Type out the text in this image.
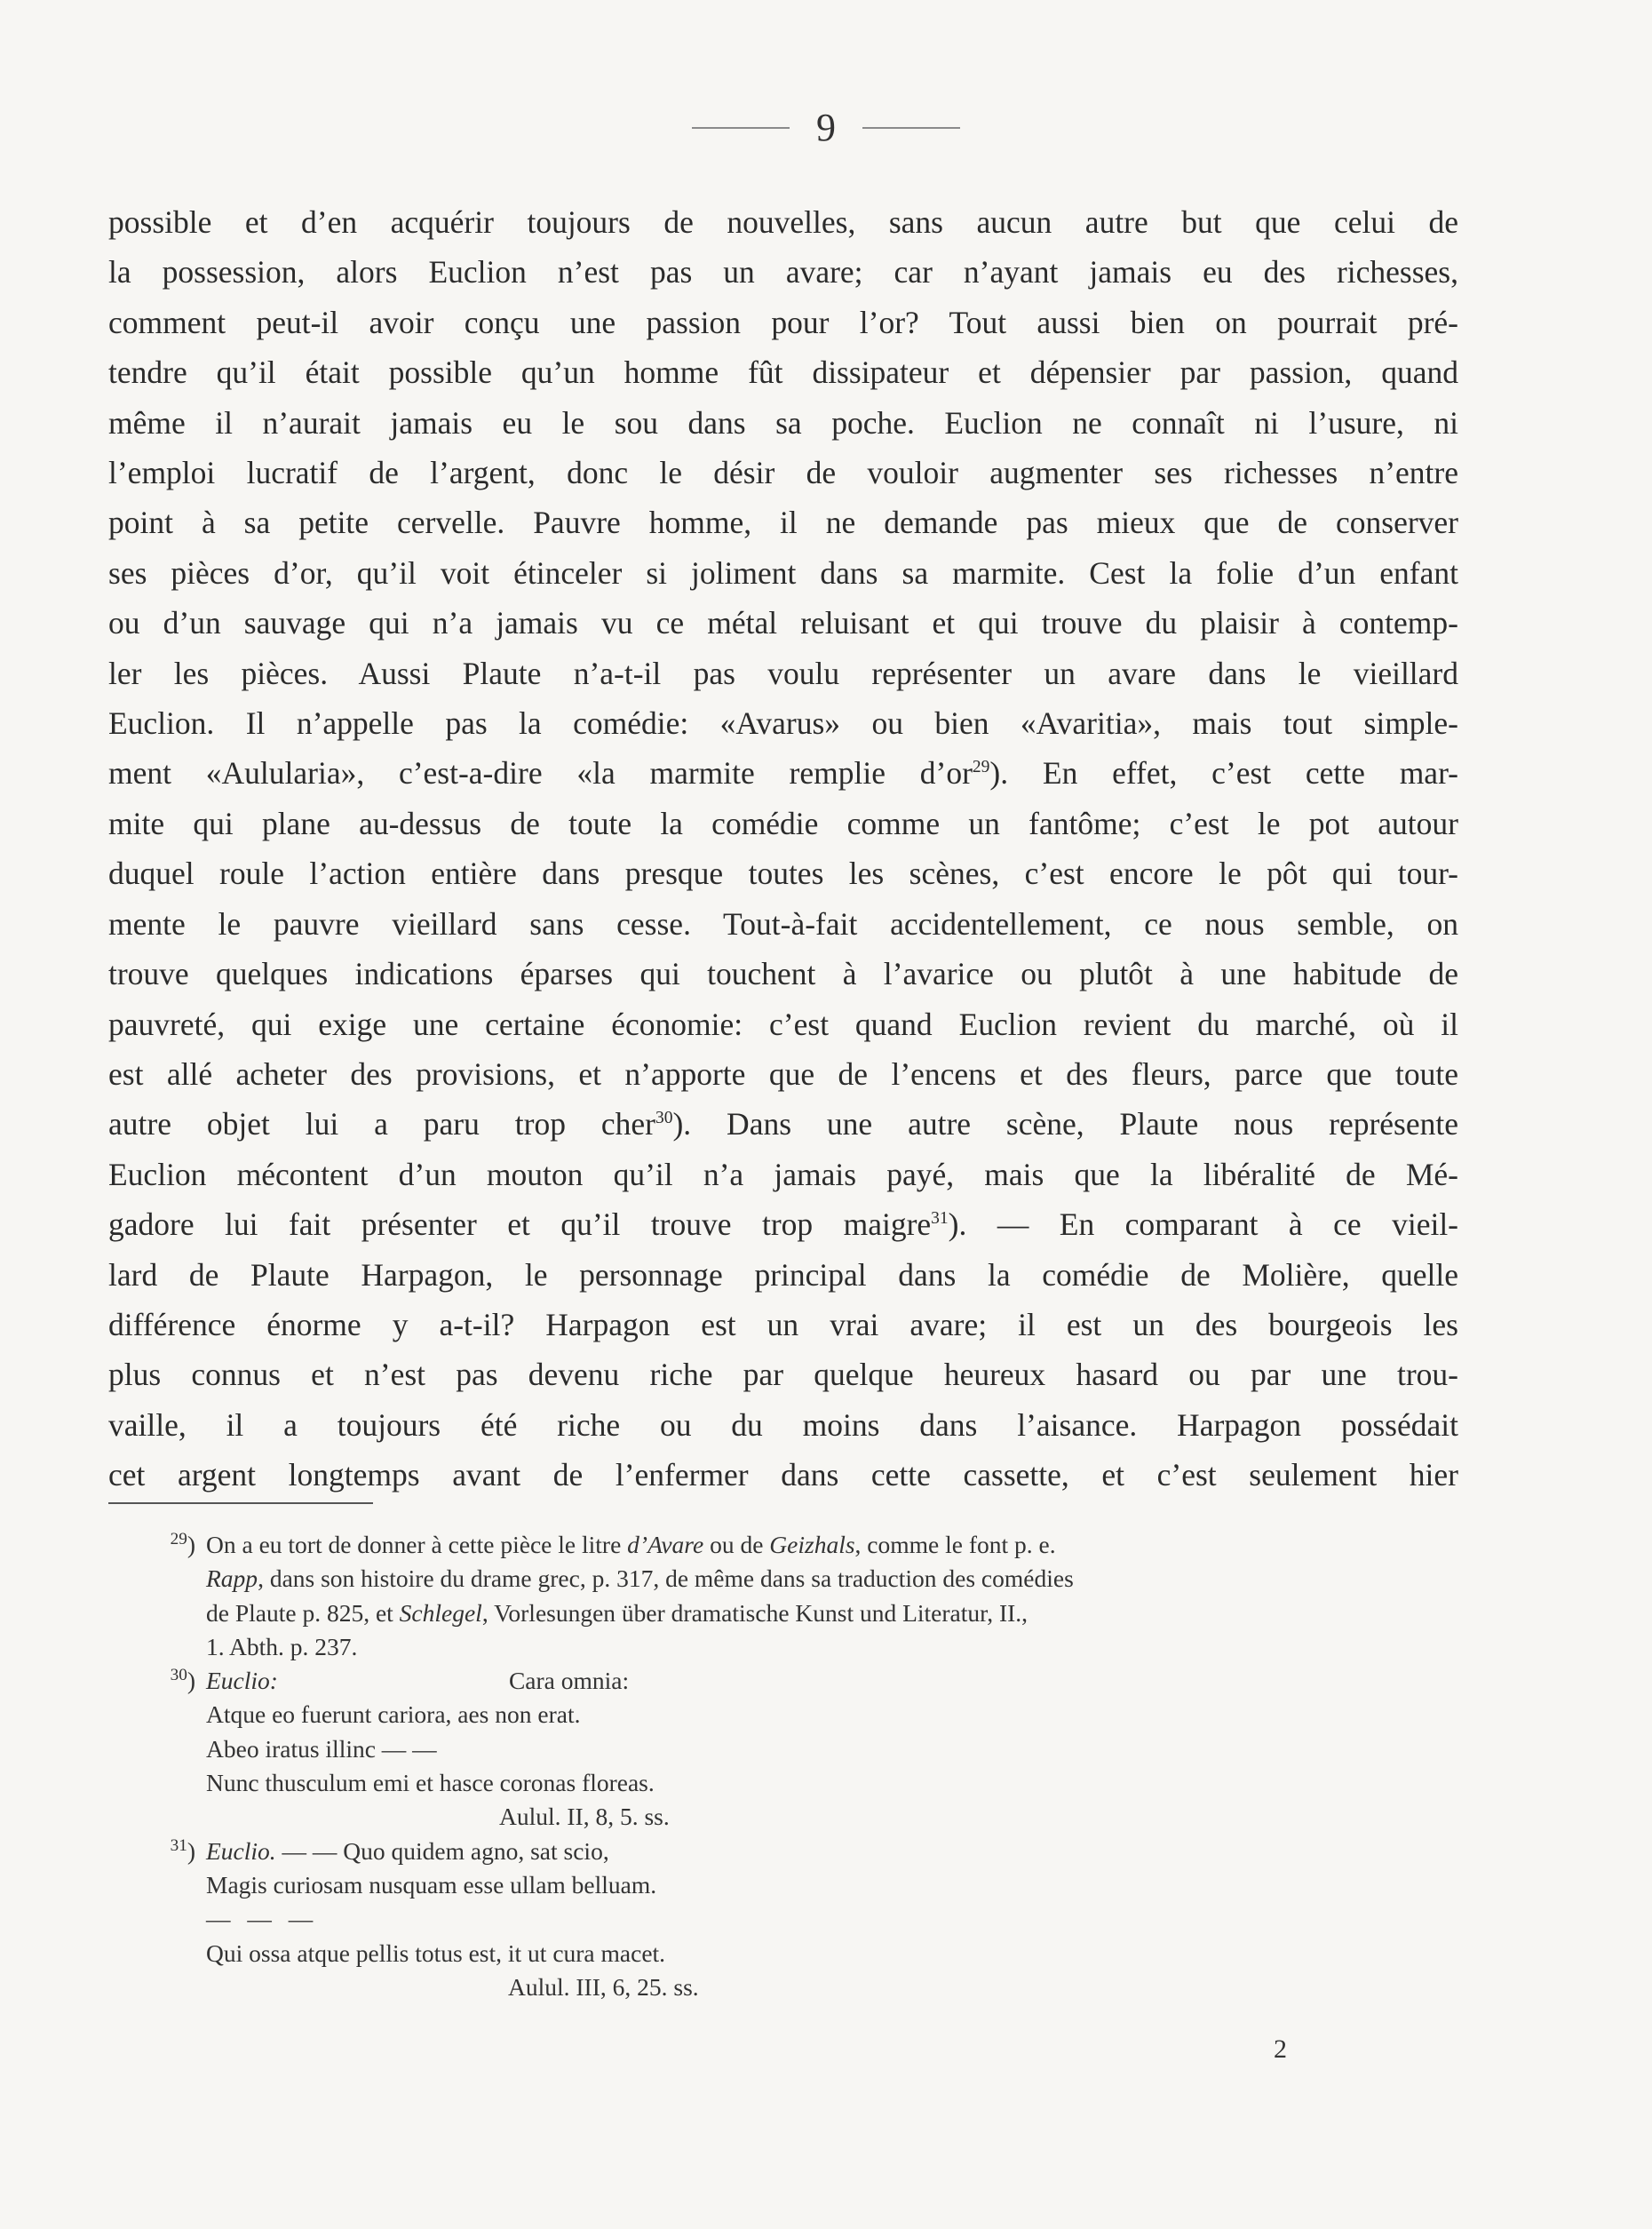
9
possible et d’en acquérir toujours de nouvelles, sans aucun autre but que celui de
la possession, alors Euclion n’est pas un avare; car n’ayant jamais eu des richesses,
comment peut-il avoir conçu une passion pour l’or? Tout aussi bien on pourrait pré-
tendre qu’il était possible qu’un homme fût dissipateur et dépensier par passion, quand
même il n’aurait jamais eu le sou dans sa poche. Euclion ne connaît ni l’usure, ni
l’emploi lucratif de l’argent, donc le désir de vouloir augmenter ses richesses n’entre
point à sa petite cervelle. Pauvre homme, il ne demande pas mieux que de conserver
ses pièces d’or, qu’il voit étinceler si joliment dans sa marmite. Cest la folie d’un enfant
ou d’un sauvage qui n’a jamais vu ce métal reluisant et qui trouve du plaisir à contemp-
ler les pièces. Aussi Plaute n’a-t-il pas voulu représenter un avare dans le vieillard
Euclion. Il n’appelle pas la comédie: «Avarus» ou bien «Avaritia», mais tout simple-
ment «Aulularia», c’est-a-dire «la marmite remplie $d’or^{29}$). En effet, c’est cette mar-
mite qui plane au-dessus de toute la comédie comme un fantôme; c’est le pot autour
duquel roule l’action entière dans presque toutes les scènes, c’est encore le pôt qui tour-
mente le pauvre vieillard sans cesse. Tout-à-fait accidentellement, ce nous semble, on
trouve quelques indications éparses qui touchent à l’avarice ou plutôt à une habitude de
pauvreté, qui exige une certaine économie: c’est quand Euclion revient du marché, où il
est allé acheter des provisions, et n’apporte que de l’encens et des fleurs, parce que toute
autre objet lui a paru trop cher$^{30}$). Dans une autre scène, Plaute nous représente
Euclion mécontent d’un mouton qu’il n’a jamais payé, mais que la libéralité de Mé-
gadore lui fait présenter et qu’il trouve trop maigre$^{31}$). — En comparant à ce vieil-
lard de Plaute Harpagon, le personnage principal dans la comédie de Molière, quelle
différence énorme y a-t-il? Harpagon est un vrai avare; il est un des bourgeois les
plus connus et n’est pas devenu riche par quelque heureux hasard ou par une trou-
vaille, il a toujours été riche ou du moins dans l’aisance. Harpagon possédait
cet argent longtemps avant de l’enfermer dans cette cassette, et c’est seulement hier
$^{29}$) On a eu tort de donner à cette pièce le litre d’Avare ou de Geizhals, comme le font p. e.
Rapp, dans son histoire du drame grec, p. 317, de même dans sa traduction des comédies
de Plaute p. 825, et Schlegel, Vorlesungen über dramatische Kunst und Literatur, II.,
1. Abth. p. 237.
$^{30}$) Euclio:	Cara omnia:
Atque eo fuerunt cariora, aes non erat.
Abeo iratus illinc — —
Nunc thusculum emi et hasce coronas floreas.
Aulul. II, 8, 5. ss.
$^{31}$) Euclio. — — Quo quidem agno, sat scio,
Magis curiosam nusquam esse ullam belluam.
— — —
Qui ossa atque pellis totus est, it ut cura macet.
Aulul. III, 6, 25. ss.
2
